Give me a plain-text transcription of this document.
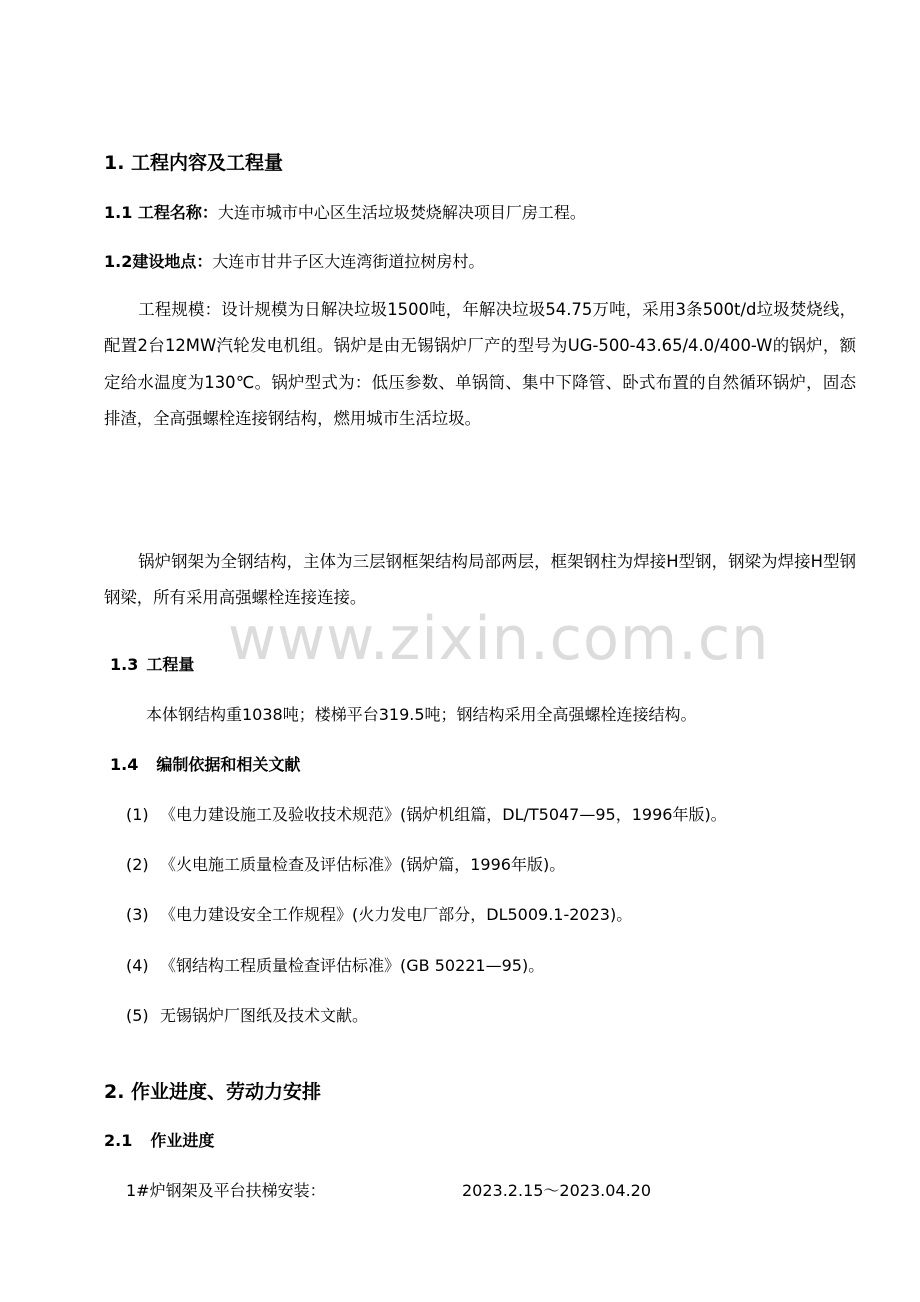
www.zixin.com.cn
1. 工程内容及工程量

1.1 工程名称：大连市城市中心区生活垃圾焚烧解决项目厂房工程。

1.2建设地点：大连市甘井子区大连湾街道拉树房村。

工程规模：设计规模为日解决垃圾1500吨，年解决垃圾54.75万吨，采用3条500t/d垃圾焚烧线，配置2台12MW汽轮发电机组。锅炉是由无锡锅炉厂产的型号为UG-500-43.65/4.0/400-W的锅炉，额定给水温度为130℃。锅炉型式为：低压参数、单锅筒、集中下降管、卧式布置的自然循环锅炉，固态排渣，全高强螺栓连接钢结构，燃用城市生活垃圾。

锅炉钢架为全钢结构，主体为三层钢框架结构局部两层，框架钢柱为焊接H型钢，钢梁为焊接H型钢钢梁，所有采用高强螺栓连接连接。

1.3 工程量

本体钢结构重1038吨；楼梯平台319.5吨；钢结构采用全高强螺栓连接结构。

1.4 编制依据和相关文献

(1) 《电力建设施工及验收技术规范》(锅炉机组篇，DL/T5047—95，1996年版)。

(2) 《火电施工质量检查及评估标准》(锅炉篇，1996年版)。

(3) 《电力建设安全工作规程》(火力发电厂部分，DL5009.1-2023)。

(4) 《钢结构工程质量检查评估标准》(GB 50221—95)。

(5) 无锡锅炉厂图纸及技术文献。

2. 作业进度、劳动力安排
2.1 作业进度

1#炉钢架及平台扶梯安装：	2023.2.15～2023.04.20
